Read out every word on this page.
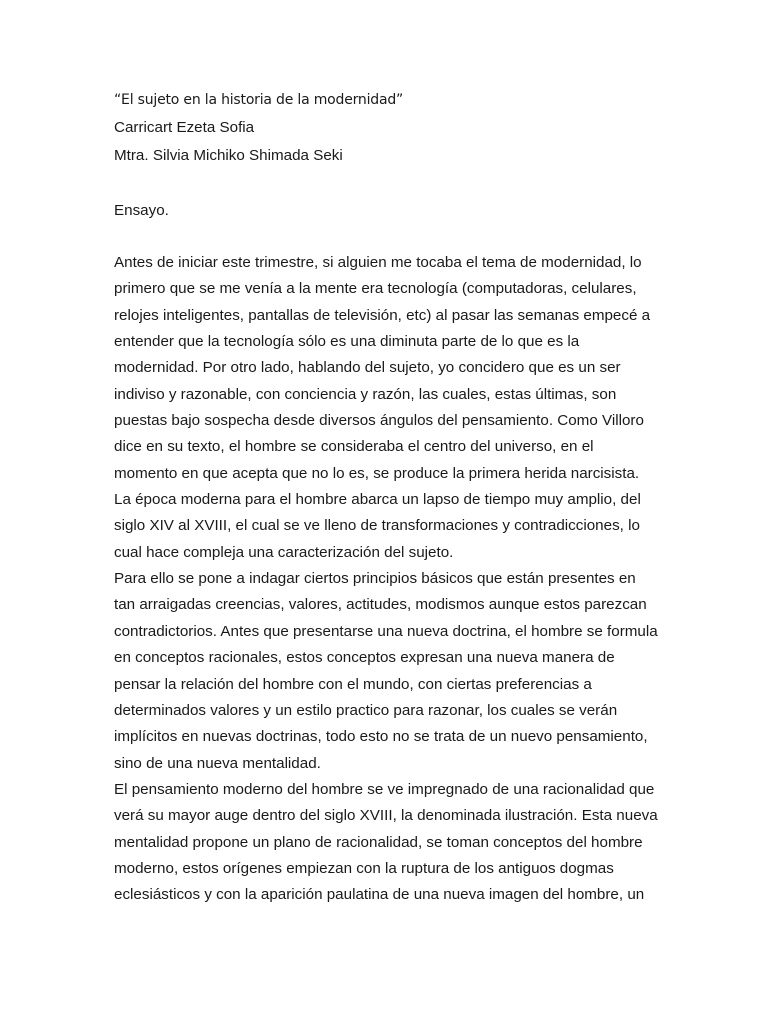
“El sujeto en la historia de la modernidad”
Carricart Ezeta Sofia
Mtra. Silvia Michiko Shimada Seki
Ensayo.

Antes de iniciar este trimestre, si alguien me tocaba el tema de modernidad, lo
primero que se me venía a la mente era tecnología (computadoras, celulares,
relojes inteligentes, pantallas de televisión, etc) al pasar las semanas empecé a
entender que la tecnología sólo es una diminuta parte de lo que es la
modernidad. Por otro lado, hablando del sujeto, yo concidero que es un ser
indiviso y razonable, con conciencia y razón, las cuales, estas últimas, son
puestas bajo sospecha desde diversos ángulos del pensamiento. Como Villoro
dice en su texto, el hombre se consideraba el centro del universo, en el
momento en que acepta que no lo es, se produce la primera herida narcisista.
La época moderna para el hombre abarca un lapso de tiempo muy amplio, del
siglo XIV al XVIII, el cual se ve lleno de transformaciones y contradicciones, lo
cual hace compleja una caracterización del sujeto.

Para ello se pone a indagar ciertos principios básicos que están presentes en
tan arraigadas creencias, valores, actitudes, modismos aunque estos parezcan
contradictorios. Antes que presentarse una nueva doctrina, el hombre se formula
en conceptos racionales, estos conceptos expresan una nueva manera de
pensar la relación del hombre con el mundo, con ciertas preferencias a
determinados valores y un estilo practico para razonar, los cuales se verán
implícitos en nuevas doctrinas, todo esto no se trata de un nuevo pensamiento,
sino de una nueva mentalidad.

El pensamiento moderno del hombre se ve impregnado de una racionalidad que
verá su mayor auge dentro del siglo XVIII, la denominada ilustración. Esta nueva
mentalidad propone un plano de racionalidad, se toman conceptos del hombre
moderno, estos orígenes empiezan con la ruptura de los antiguos dogmas
eclesiásticos y con la aparición paulatina de una nueva imagen del hombre, un
